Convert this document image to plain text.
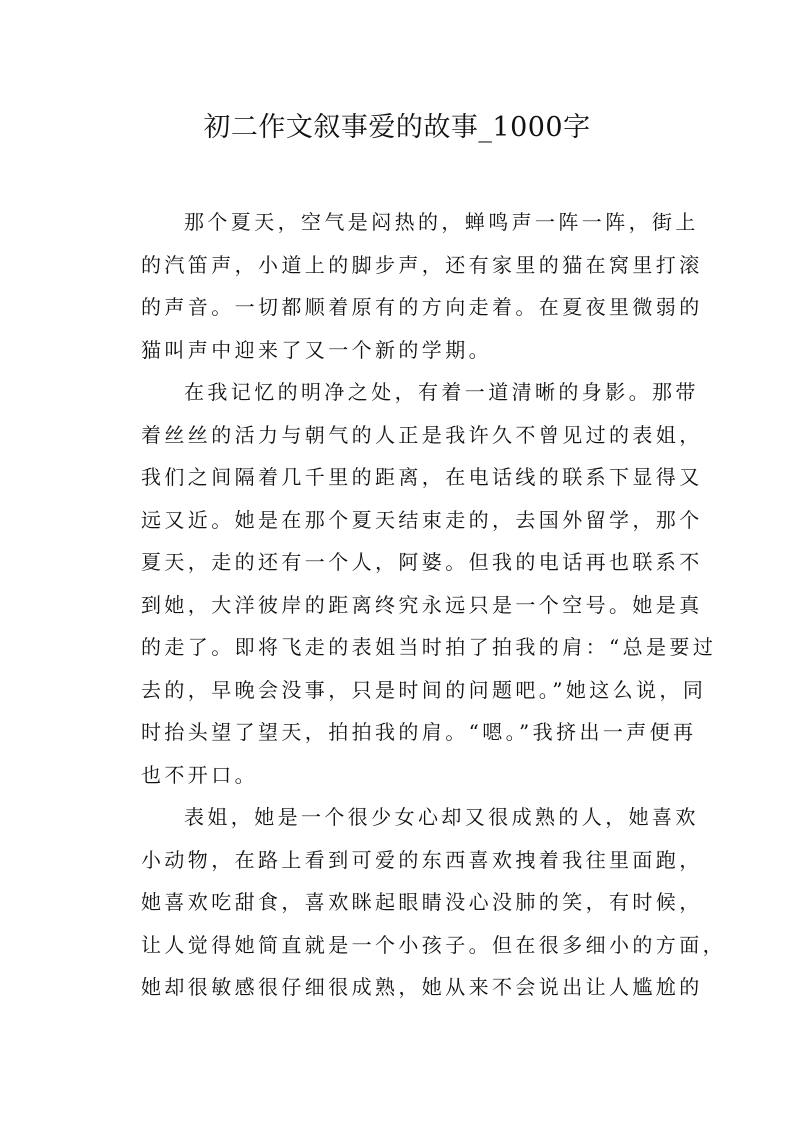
初二作文叙事爱的故事_1000字

那个夏天，空气是闷热的，蝉鸣声一阵一阵，街上
的汽笛声，小道上的脚步声，还有家里的猫在窝里打滚
的声音。一切都顺着原有的方向走着。在夏夜里微弱的
猫叫声中迎来了又一个新的学期。

在我记忆的明净之处，有着一道清晰的身影。那带
着丝丝的活力与朝气的人正是我许久不曾见过的表姐，
我们之间隔着几千里的距离，在电话线的联系下显得又
远又近。她是在那个夏天结束走的，去国外留学，那个
夏天，走的还有一个人，阿婆。但我的电话再也联系不
到她，大洋彼岸的距离终究永远只是一个空号。她是真
的走了。即将飞走的表姐当时拍了拍我的肩：“总是要过
去的，早晚会没事，只是时间的问题吧。”她这么说，同
时抬头望了望天，拍拍我的肩。“嗯。”我挤出一声便再
也不开口。

表姐，她是一个很少女心却又很成熟的人，她喜欢
小动物，在路上看到可爱的东西喜欢拽着我往里面跑，
她喜欢吃甜食，喜欢眯起眼睛没心没肺的笑，有时候，
让人觉得她简直就是一个小孩子。但在很多细小的方面，
她却很敏感很仔细很成熟，她从来不会说出让人尴尬的
